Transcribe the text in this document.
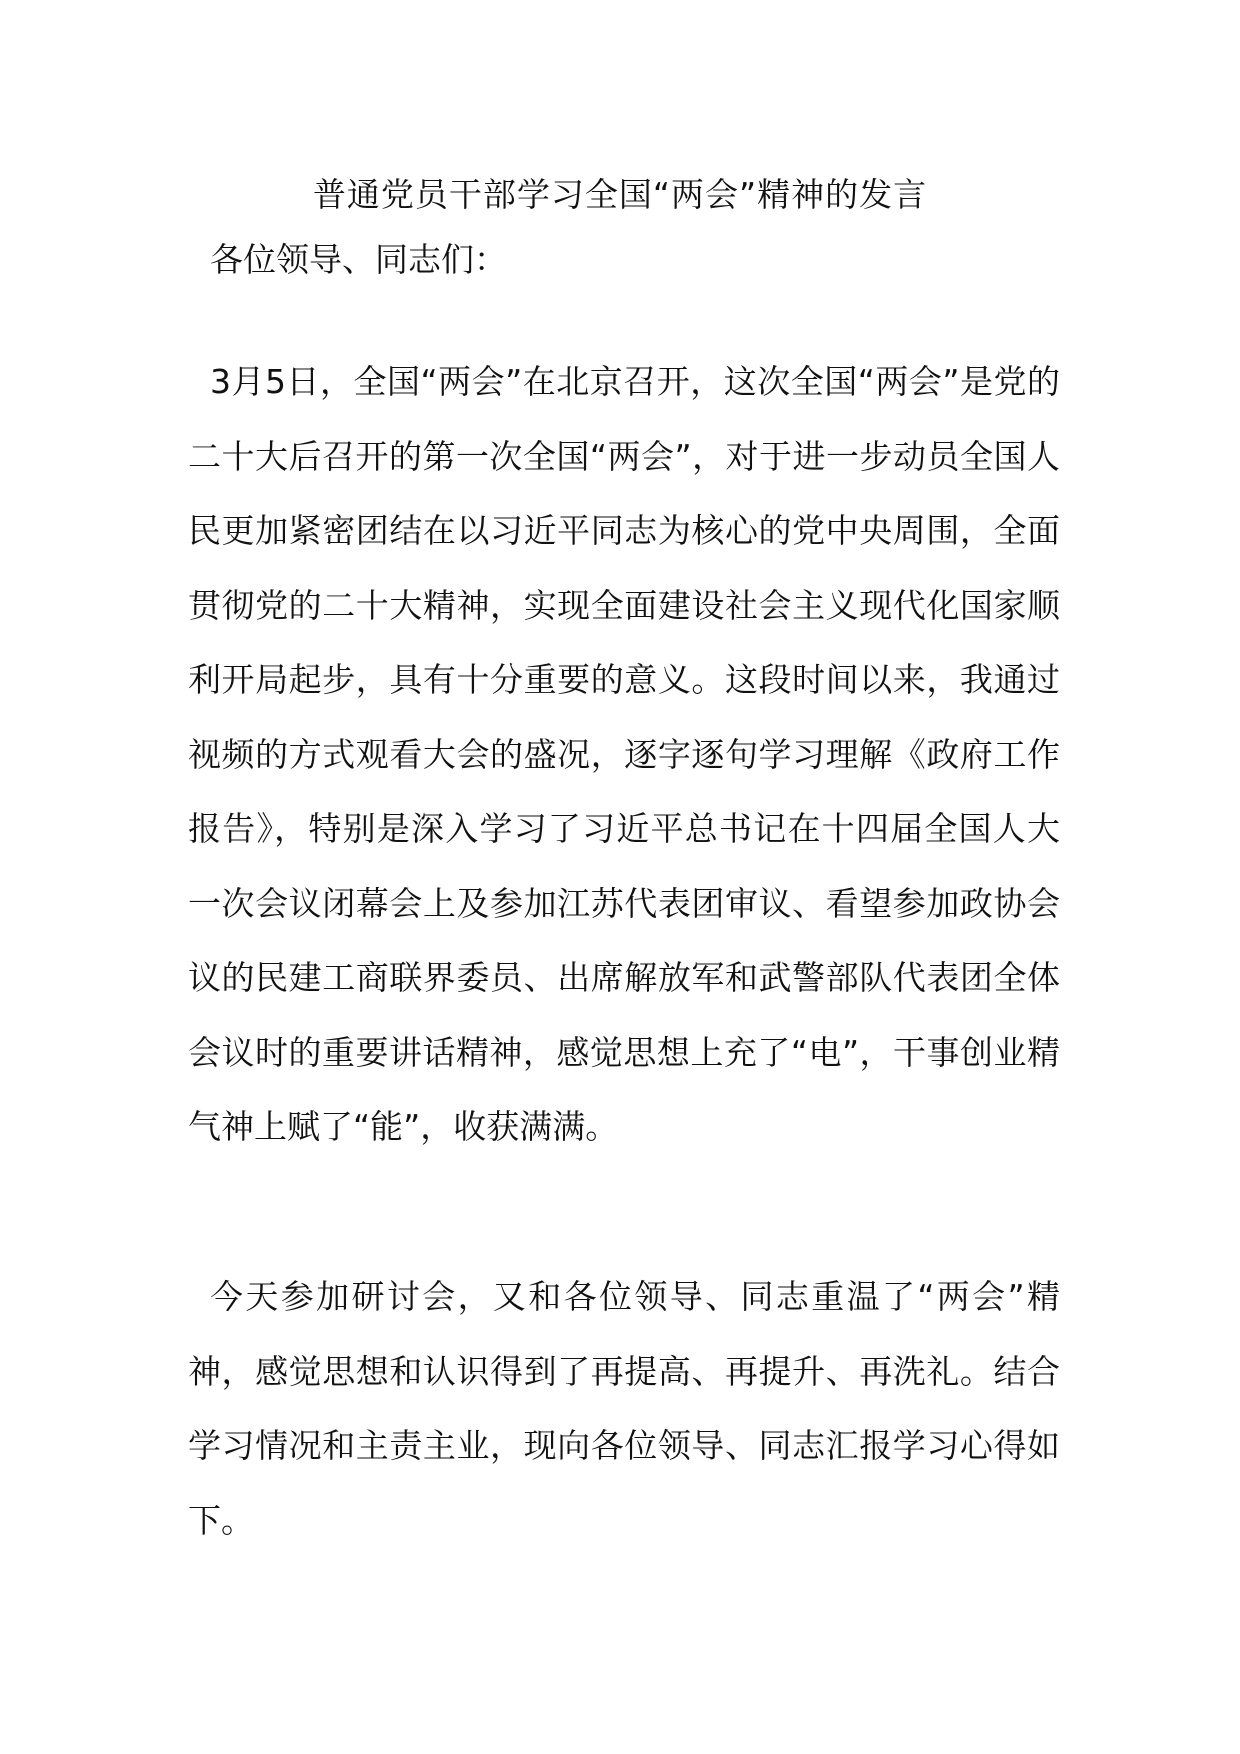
普通党员干部学习全国“两会”精神的发言
各位领导、同志们：

3月5日，全国“两会”在北京召开，这次全国“两会”是党的二十大后召开的第一次全国“两会”，对于进一步动员全国人民更加紧密团结在以习近平同志为核心的党中央周围，全面贯彻党的二十大精神，实现全面建设社会主义现代化国家顺利开局起步，具有十分重要的意义。这段时间以来，我通过视频的方式观看大会的盛况，逐字逐句学习理解《政府工作报告》，特别是深入学习了习近平总书记在十四届全国人大一次会议闭幕会上及参加江苏代表团审议、看望参加政协会议的民建工商联界委员、出席解放军和武警部队代表团全体会议时的重要讲话精神，感觉思想上充了“电”，干事创业精气神上赋了“能”，收获满满。

今天参加研讨会，又和各位领导、同志重温了“两会”精神，感觉思想和认识得到了再提高、再提升、再洗礼。结合学习情况和主责主业，现向各位领导、同志汇报学习心得如下。
